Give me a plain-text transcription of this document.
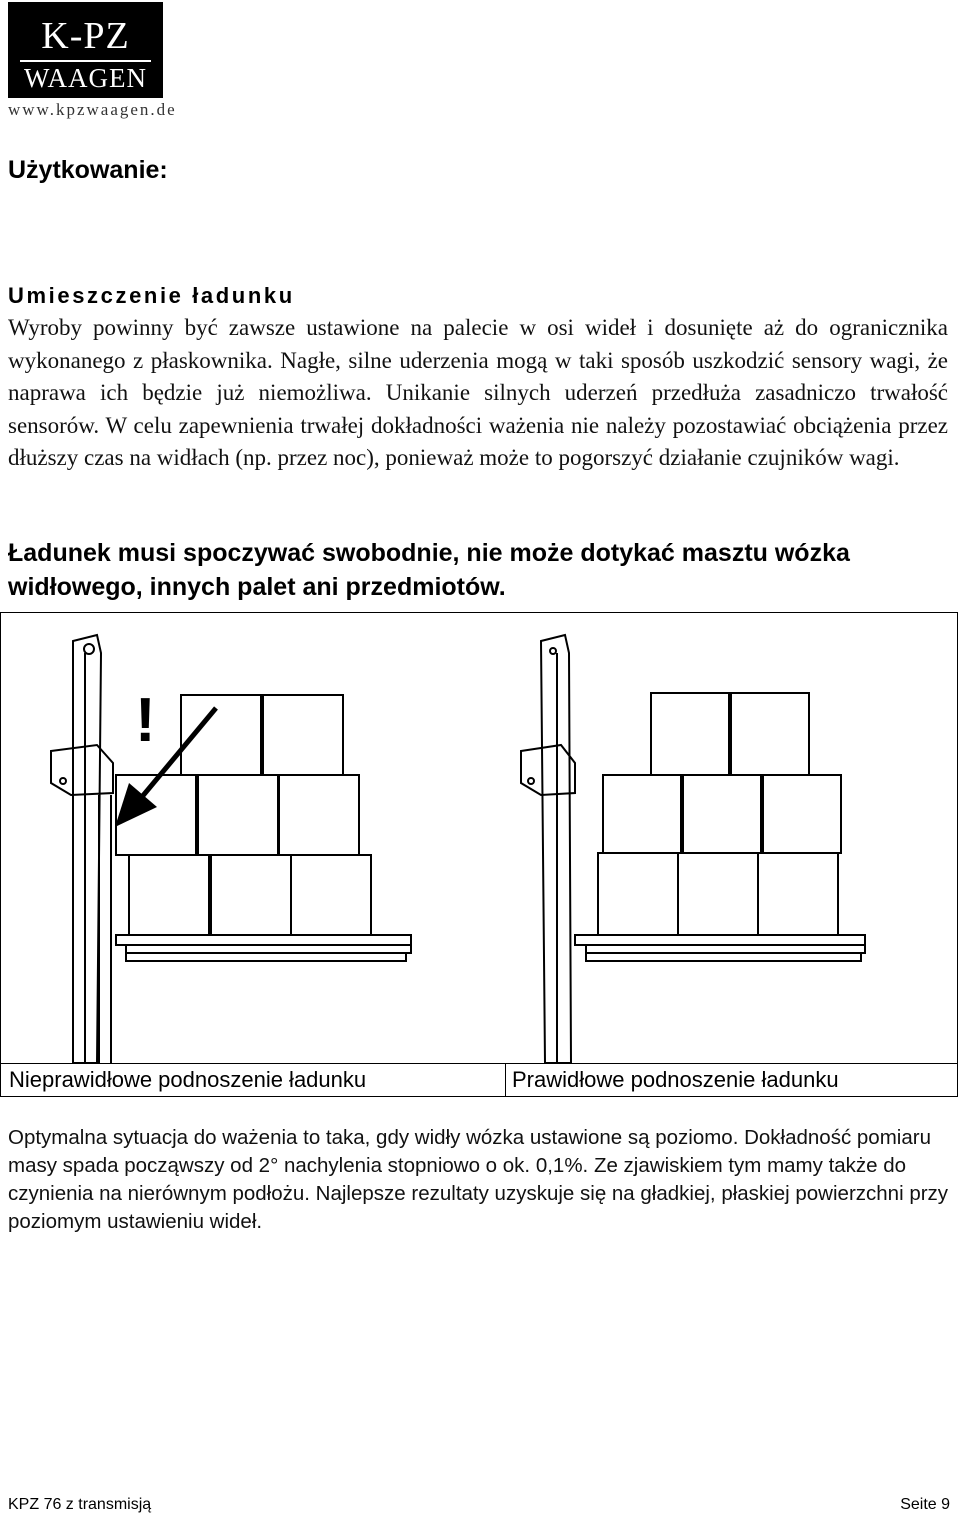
K-PZ
WAAGEN
www.kpzwaagen.de
Użytkowanie:
Umieszczenie ładunku
Wyroby powinny być zawsze ustawione na palecie w osi wideł i dosunięte aż do ogranicznika wykonanego z płaskownika. Nagłe, silne uderzenia mogą w taki sposób uszkodzić sensory wagi, że naprawa ich będzie już niemożliwa. Unikanie silnych uderzeń przedłuża zasadniczo trwałość sensorów. W celu zapewnienia trwałej dokładności ważenia nie należy pozostawiać obciążenia przez dłuższy czas na widłach (np. przez noc), ponieważ może to pogorszyć działanie czujników wagi.
Ładunek musi spoczywać swobodnie, nie może dotykać masztu wózka widłowego, innych palet ani przedmiotów.
!
Nieprawidłowe podnoszenie ładunku	Prawidłowe podnoszenie ładunku
Optymalna sytuacja do ważenia to taka, gdy widły wózka ustawione są poziomo. Dokładność pomiaru masy spada począwszy od 2° nachylenia stopniowo o ok. 0,1%. Ze zjawiskiem tym mamy także do czynienia na nierównym podłożu. Najlepsze rezultaty uzyskuje się na gładkiej, płaskiej powierzchni przy poziomym ustawieniu wideł.
KPZ 76 z transmisją	Seite 9
